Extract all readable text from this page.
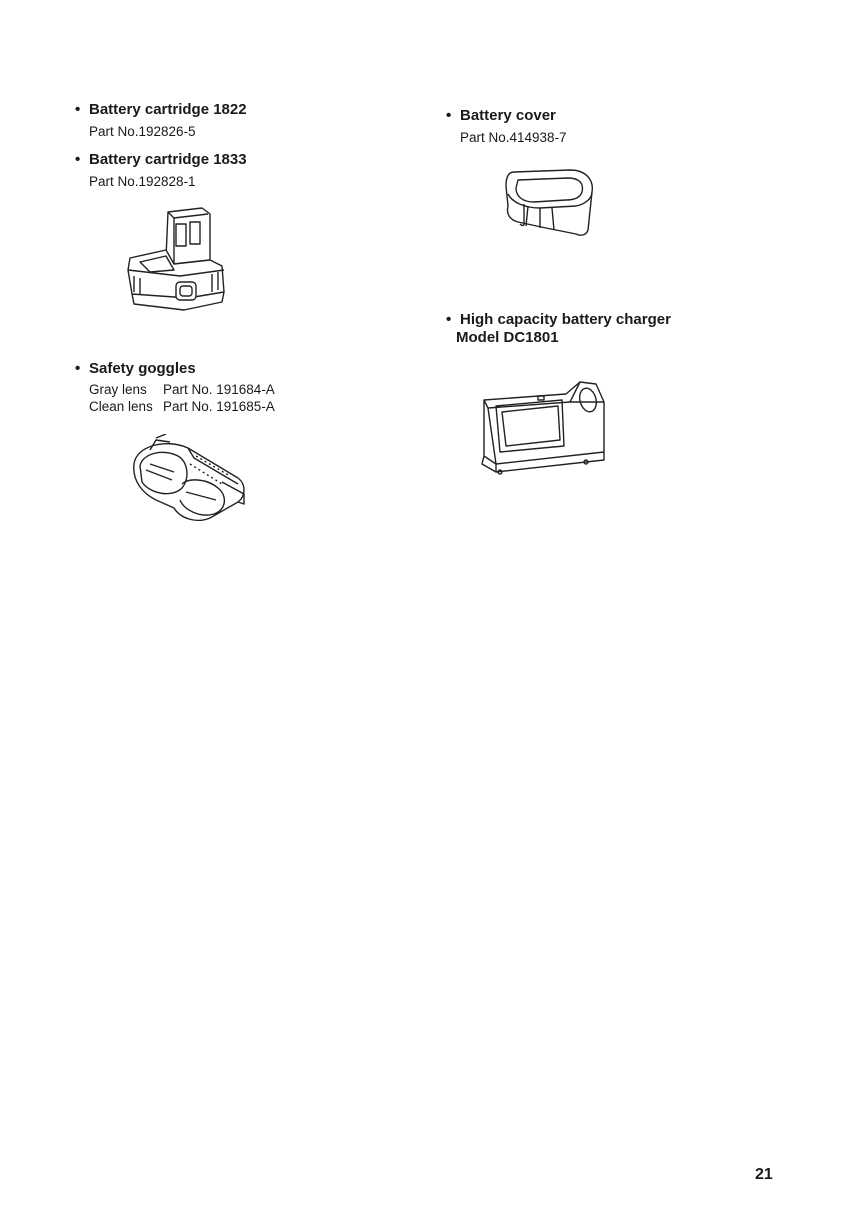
• Battery cartridge 1822
Part No.192826-5
• Battery cartridge 1833
Part No.192828-1
• Safety goggles
Gray lens Part No. 191684-A
Clean lens Part No. 191685-A
• Battery cover
Part No.414938-7
• High capacity battery charger
Model DC1801
21
